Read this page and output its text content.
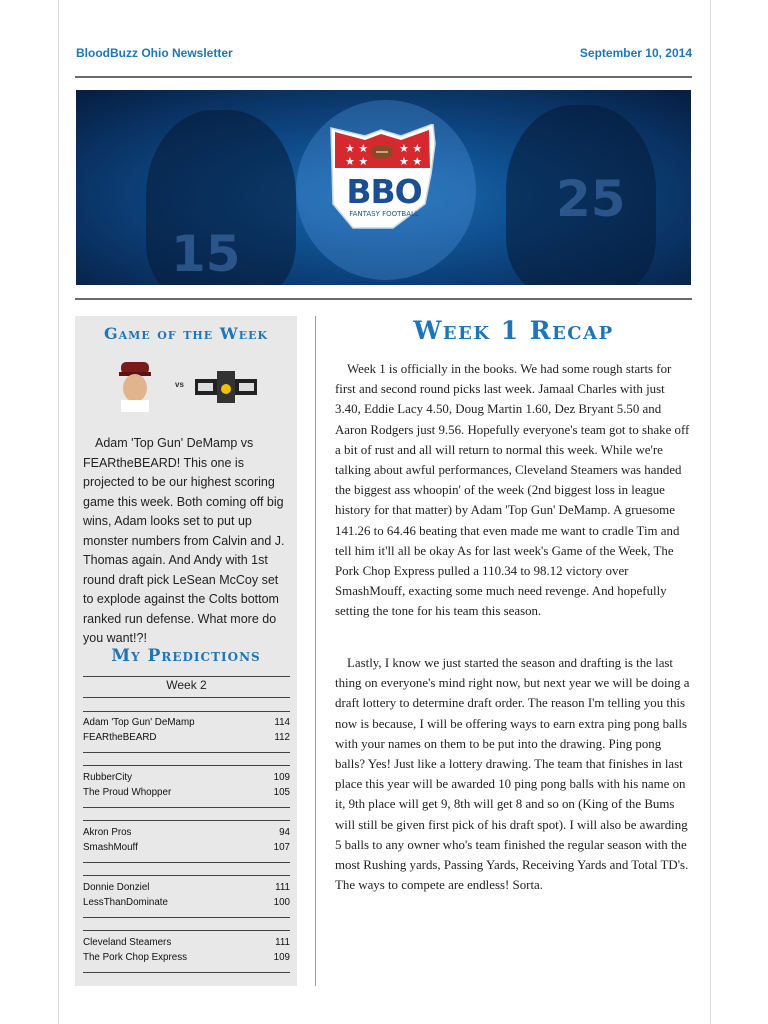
BloodBuzz Ohio Newsletter	September 10, 2014
15
25
★ ★
★ ★
★ ★
★ ★
BBO
FANTASY FOOTBALL
Game of the Week
vs
Adam 'Top Gun' DeMamp vs FEARtheBEARD! This one is projected to be our highest scoring game this week. Both coming off big wins, Adam looks set to put up monster numbers from Calvin and J. Thomas again. And Andy with 1st round draft pick LeSean McCoy set to explode against the Colts bottom ranked run defense. What more do you want!?!
My Predictions
Week 2
Adam 'Top Gun' DeMamp	114
FEARtheBEARD	112
RubberCity	109
The Proud Whopper	105
Akron Pros	94
SmashMouff	107
Donnie Donziel	111
LessThanDominate	100
Cleveland Steamers	111
The Pork Chop Express	109
Week 1 Recap
Week 1 is officially in the books. We had some rough starts for first and second round picks last week. Jamaal Charles with just 3.40, Eddie Lacy 4.50, Doug Martin 1.60, Dez Bryant 5.50 and Aaron Rodgers just 9.56. Hopefully everyone's team got to shake off a bit of rust and all will return to normal this week. While we're talking about awful performances, Cleveland Steamers was handed the biggest ass whoopin' of the week (2nd biggest loss in league history for that matter) by Adam 'Top Gun' DeMamp. A gruesome 141.26 to 64.46 beating that even made me want to cradle Tim and tell him it'll all be okay As for last week's Game of the Week, The Pork Chop Express pulled a 110.34 to 98.12 victory over SmashMouff, exacting some much need revenge. And hopefully setting the tone for his team this season.
Lastly, I know we just started the season and drafting is the last thing on everyone's mind right now, but next year we will be doing a draft lottery to determine draft order. The reason I'm telling you this now is because, I will be offering ways to earn extra ping pong balls with your names on them to be put into the drawing. Ping pong balls? Yes! Just like a lottery drawing. The team that finishes in last place this year will be awarded 10 ping pong balls with his name on it, 9th place will get 9, 8th will get 8 and so on (King of the Bums will still be given first pick of his draft spot). I will also be awarding 5 balls to any owner who's team finished the regular season with the most Rushing yards, Passing Yards, Receiving Yards and Total TD's. The ways to compete are endless! Sorta.
